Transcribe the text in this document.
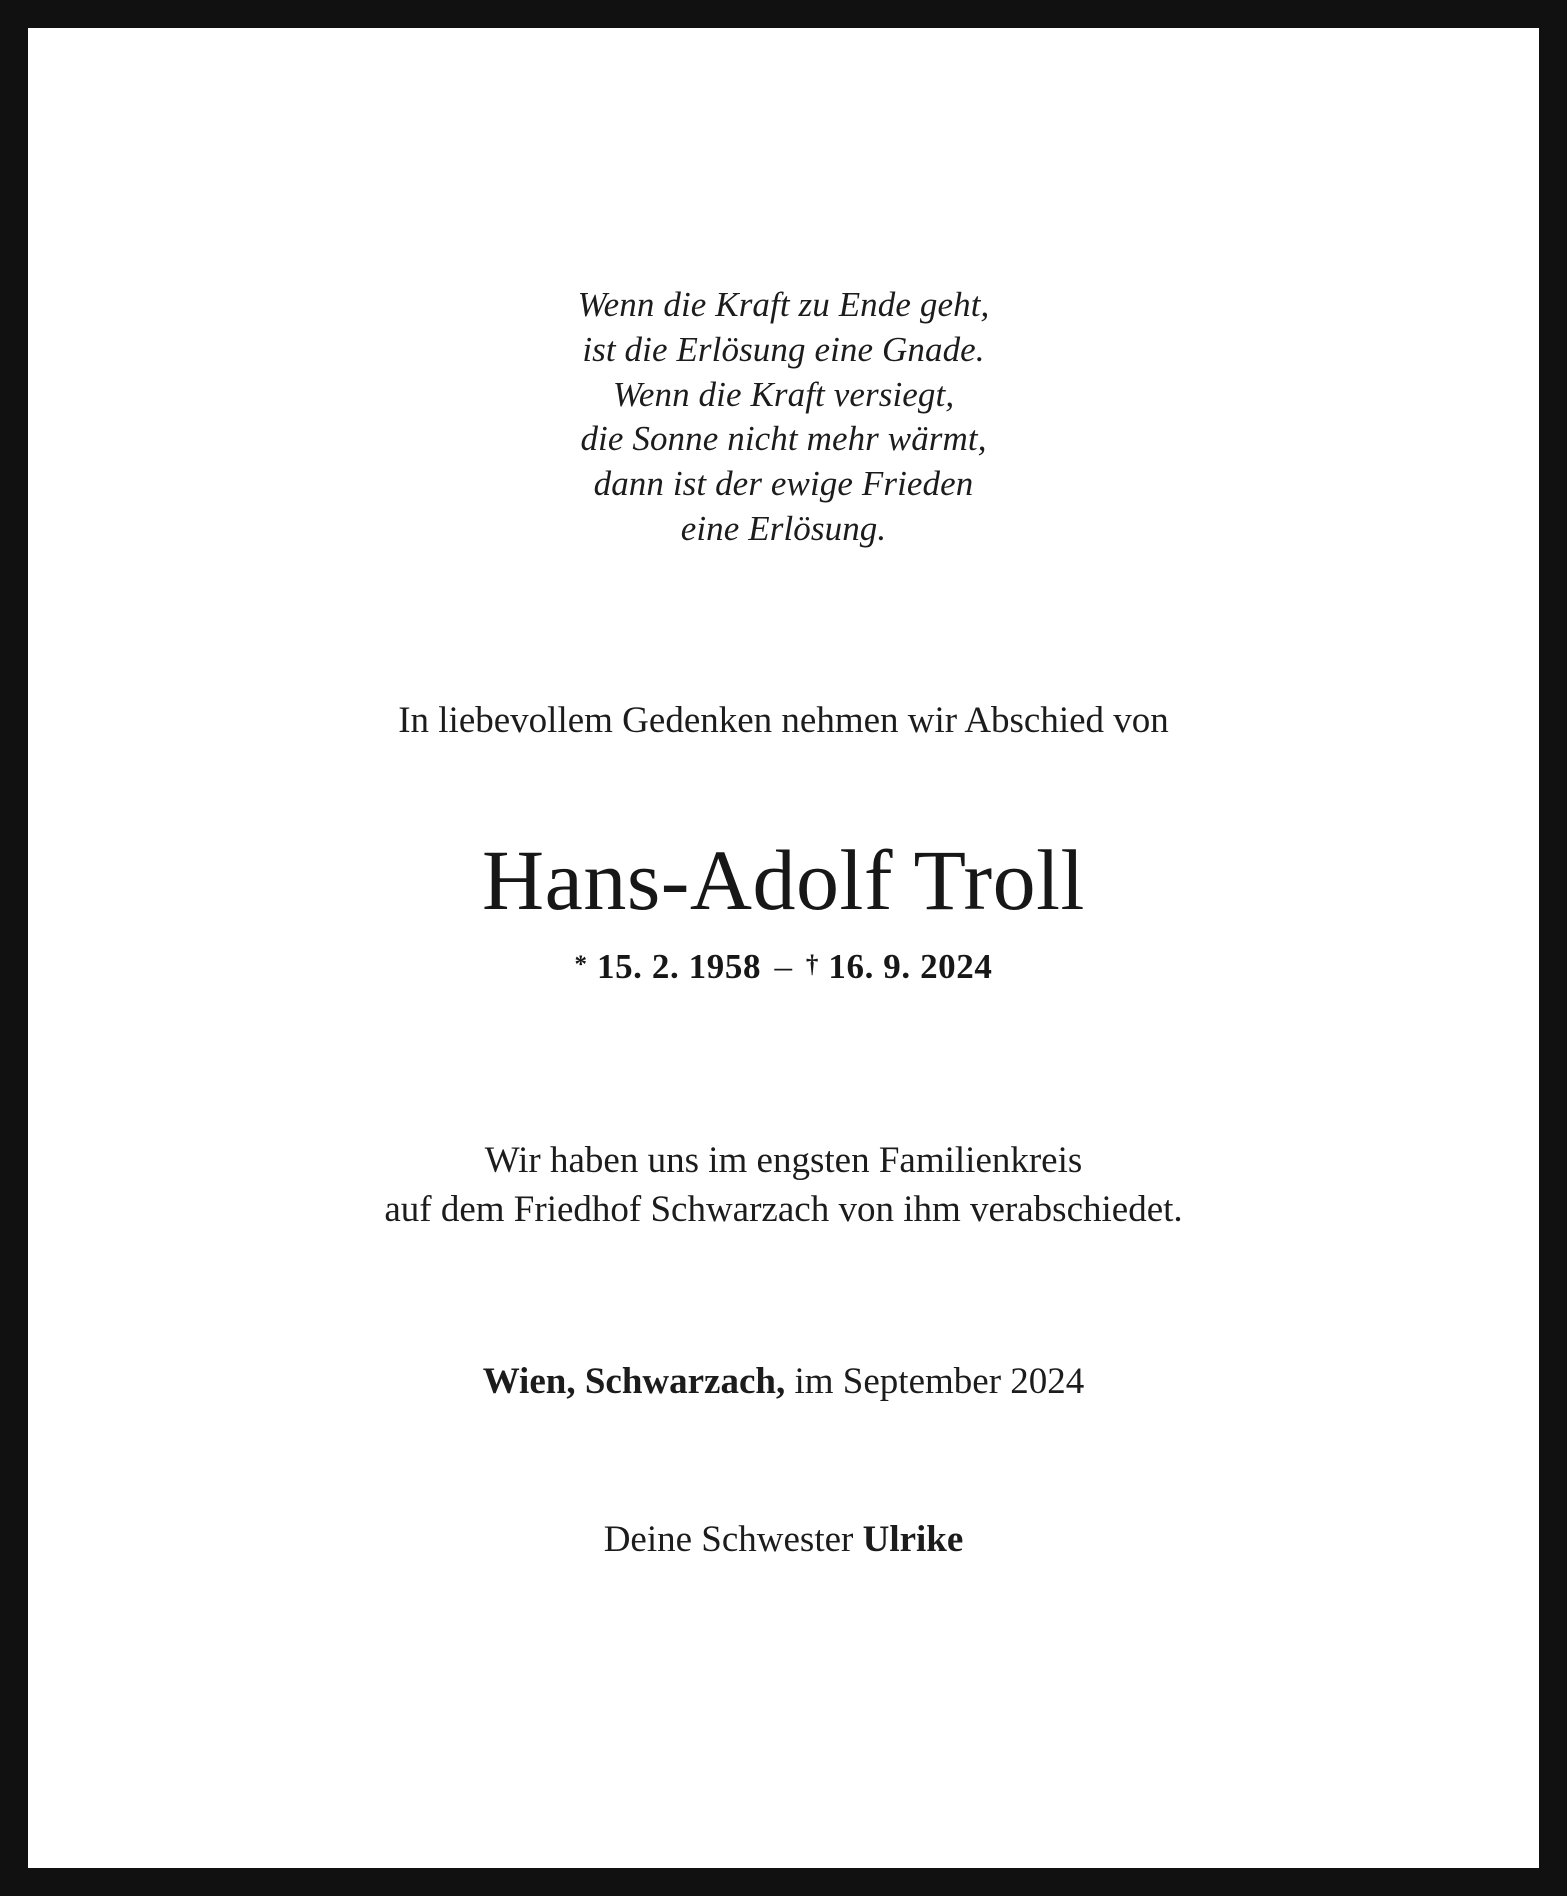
Wenn die Kraft zu Ende geht,
ist die Erlösung eine Gnade.
Wenn die Kraft versiegt,
die Sonne nicht mehr wärmt,
dann ist der ewige Frieden
eine Erlösung.
In liebevollem Gedenken nehmen wir Abschied von
Hans-Adolf Troll
* 15. 2. 1958 – † 16. 9. 2024
Wir haben uns im engsten Familienkreis
auf dem Friedhof Schwarzach von ihm verabschiedet.
Wien, Schwarzach, im September 2024
Deine Schwester Ulrike
